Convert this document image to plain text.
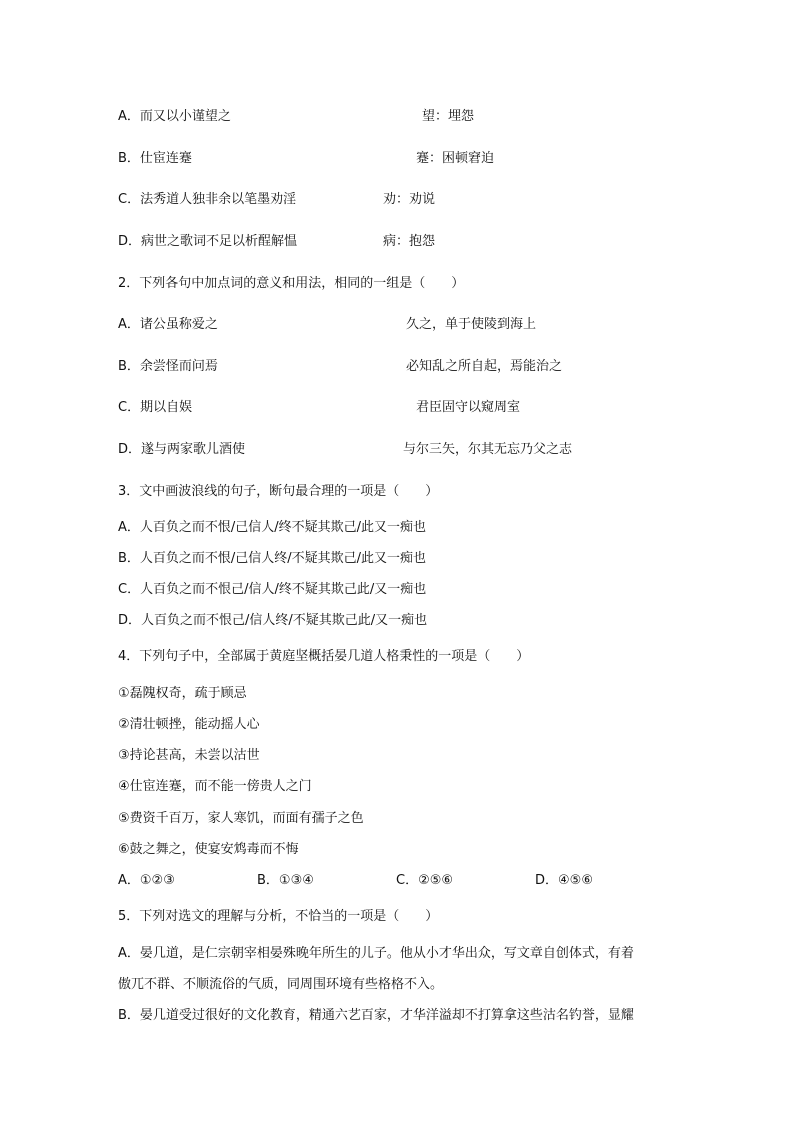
A．而又以小谨望之	望：埋怨
B．仕宦连蹇	蹇：困顿窘迫
C．法秀道人独非余以笔墨劝淫	劝：劝说
D．病世之歌词不足以析酲解愠	病：抱怨
2．下列各句中加点词的意义和用法，相同的一组是（　　）
A．诸公虽称爱之	久之，单于使陵到海上
B．余尝怪而问焉	必知乱之所自起，焉能治之
C．期以自娱	君臣固守以窥周室
D．遂与两家歌儿酒使	与尔三矢，尔其无忘乃父之志
3．文中画波浪线的句子，断句最合理的一项是（　　）
A．人百负之而不恨/己信人/终不疑其欺己/此又一痴也
B．人百负之而不恨/己信人终/不疑其欺己/此又一痴也
C．人百负之而不恨己/信人/终不疑其欺己此/又一痴也
D．人百负之而不恨己/信人终/不疑其欺己此/又一痴也
4．下列句子中，全部属于黄庭坚概括晏几道人格秉性的一项是（　　）
①磊隗权奇，疏于顾忌
②清壮顿挫，能动摇人心
③持论甚高，未尝以沽世
④仕宦连蹇，而不能一傍贵人之门
⑤费资千百万，家人寒饥，而面有孺子之色
⑥鼓之舞之，使宴安鸩毒而不悔
A．①②③	B．①③④	C．②⑤⑥	D．④⑤⑥
5．下列对选文的理解与分析，不恰当的一项是（　　）
A．晏几道，是仁宗朝宰相晏殊晚年所生的儿子。他从小才华出众，写文章自创体式，有着
傲兀不群、不顺流俗的气质，同周围环境有些格格不入。
B．晏几道受过很好的文化教育，精通六艺百家，才华洋溢却不打算拿这些沽名钓誉，显耀
